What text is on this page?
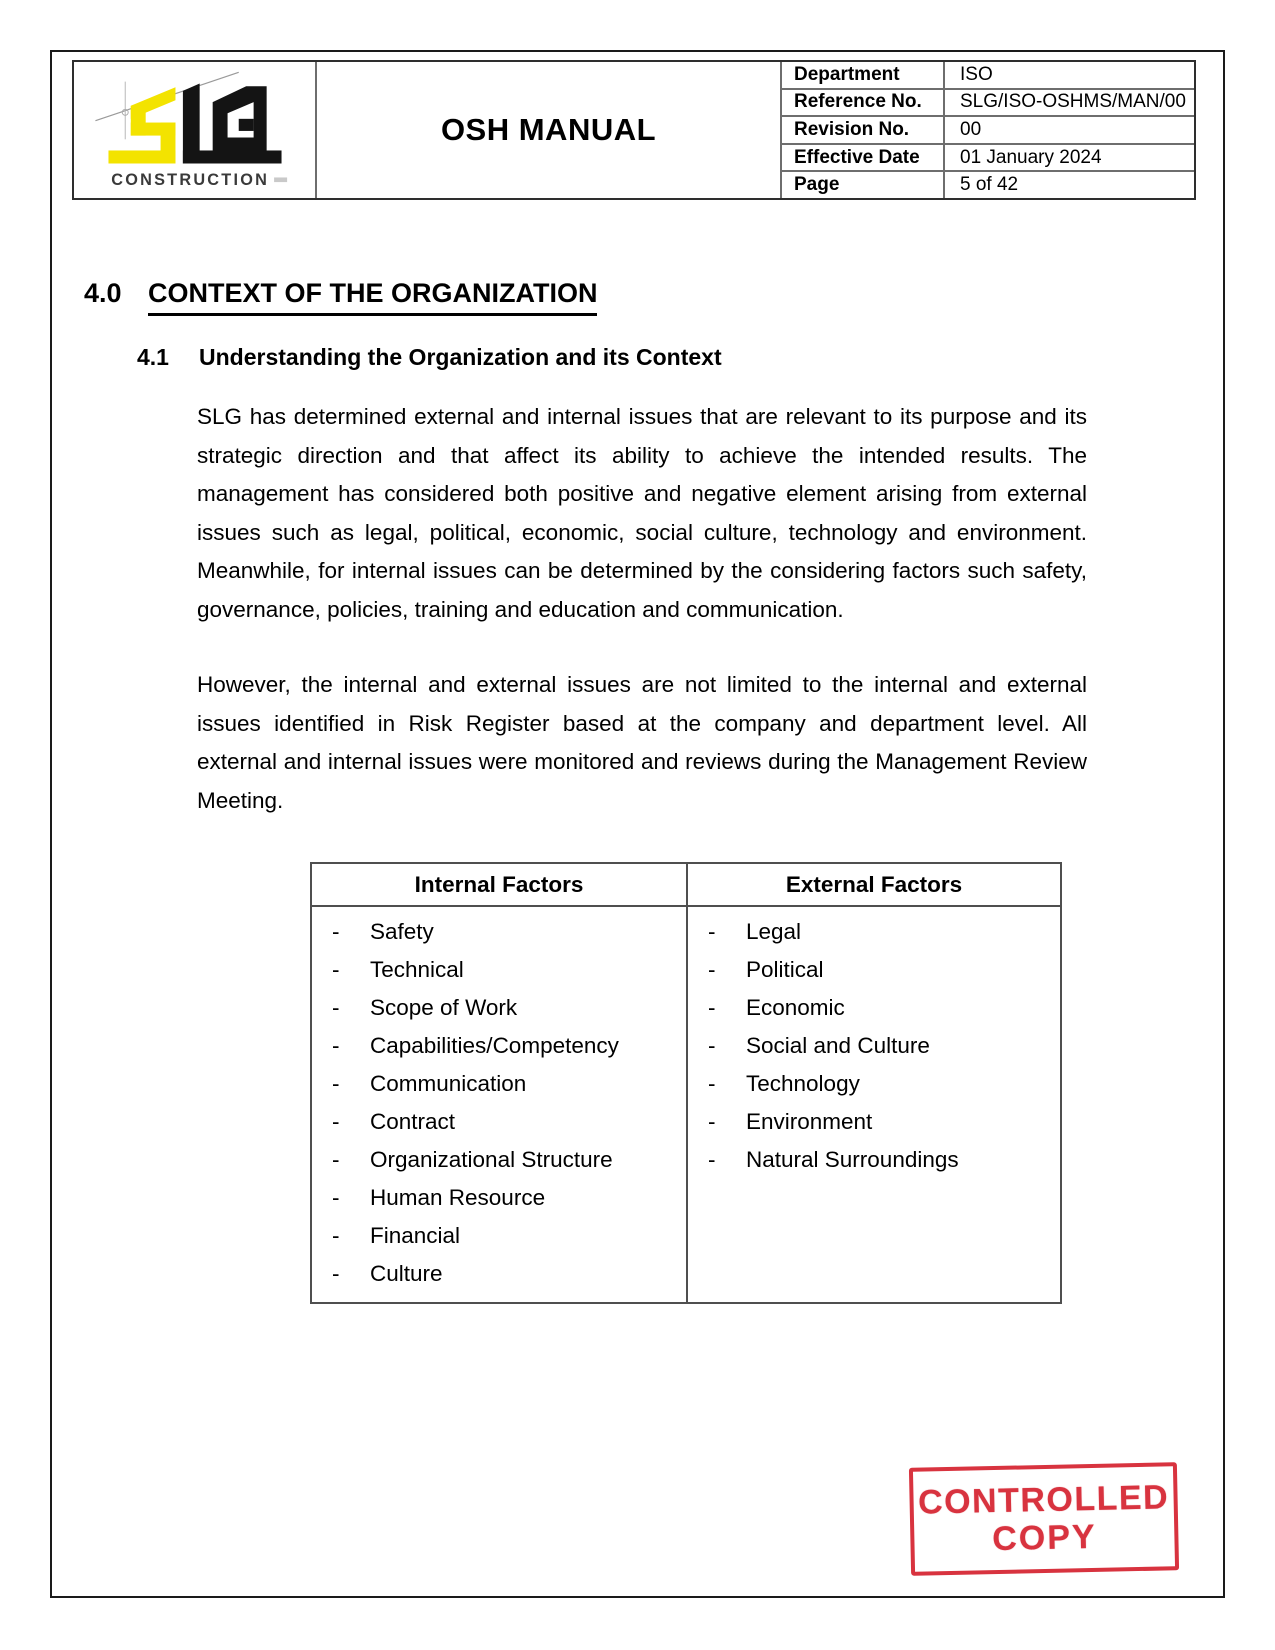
CONSTRUCTION
OSH MANUAL
Department	ISO
Reference No.	SLG/ISO-OSHMS/MAN/00
Revision No.	00
Effective Date	01 January 2024
Page	5 of 42
4.0 CONTEXT OF THE ORGANIZATION
4.1	Understanding the Organization and its Context

SLG has determined external and internal issues that are relevant to its purpose and its strategic direction and that affect its ability to achieve the intended results. The management has considered both positive and negative element arising from external issues such as legal, political, economic, social culture, technology and environment. Meanwhile, for internal issues can be determined by the considering factors such safety, governance, policies, training and education and communication.

However, the internal and external issues are not limited to the internal and external issues identified in Risk Register based at the company and department level. All external and internal issues were monitored and reviews during the Management Review Meeting.

Internal Factors
-	Safety
-	Technical
-	Scope of Work
-	Capabilities/Competency
-	Communication
-	Contract
-	Organizational Structure
-	Human Resource
-	Financial
-	Culture
External Factors
-	Legal
-	Political
-	Economic
-	Social and Culture
-	Technology
-	Environment
-	Natural Surroundings
CONTROLLED
COPY
